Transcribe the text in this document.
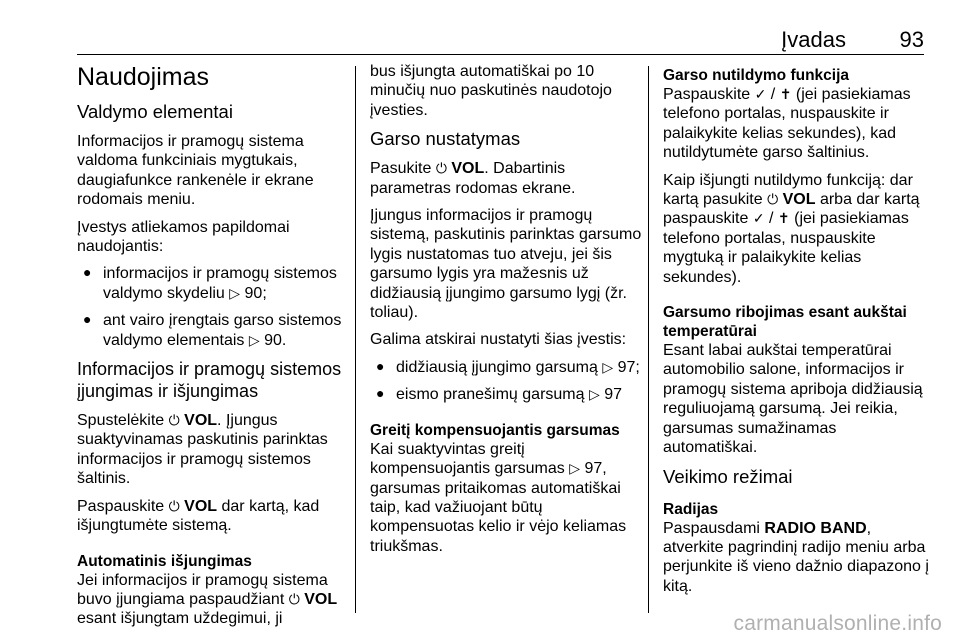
Įvadas 93
Naudojimas
Valdymo elementai

Informacijos ir pramogų sistema valdoma funkciniais mygtukais, daugiafunkce rankenėle ir ekrane rodomais meniu.

Įvestys atliekamos papildomai naudojantis:

● informacijos ir pramogų sistemos valdymo skydeliu ▷ 90;
● ant vairo įrengtais garso sistemos valdymo elementais ▷ 90.
Informacijos ir pramogų sistemos įjungimas ir išjungimas

Spustelėkite ⏻ VOL. Įjungus suaktyvinamas paskutinis parinktas informacijos ir pramogų sistemos šaltinis.

Paspauskite ⏻ VOL dar kartą, kad išjungtumėte sistemą.

Automatinis išjungimas

Jei informacijos ir pramogų sistema buvo įjungiama paspaudžiant ⏻ VOL esant išjungtam uždegimui, ji

bus išjungta automatiškai po 10 minučių nuo paskutinės naudotojo įvesties.

Garso nustatymas

Pasukite ⏻ VOL. Dabartinis parametras rodomas ekrane.

Įjungus informacijos ir pramogų sistemą, paskutinis parinktas garsumo lygis nustatomas tuo atveju, jei šis garsumo lygis yra mažesnis už didžiausią įjungimo garsumo lygį (žr. toliau).

Galima atskirai nustatyti šias įvestis:

● didžiausią įjungimo garsumą ▷ 97;
● eismo pranešimų garsumą ▷ 97
Greitį kompensuojantis garsumas

Kai suaktyvintas greitį kompensuojantis garsumas ▷ 97, garsumas pritaikomas automatiškai taip, kad važiuojant būtų kompensuotas kelio ir vėjo keliamas triukšmas.

Garso nutildymo funkcija

Paspauskite ✓ / ✝ (jei pasiekiamas telefono portalas, nuspauskite ir palaikykite kelias sekundes), kad nutildytumėte garso šaltinius.

Kaip išjungti nutildymo funkciją: dar kartą pasukite ⏻ VOL arba dar kartą paspauskite ✓ / ✝ (jei pasiekiamas telefono portalas, nuspauskite mygtuką ir palaikykite kelias sekundes).

Garsumo ribojimas esant aukštai temperatūrai

Esant labai aukštai temperatūrai automobilio salone, informacijos ir pramogų sistema apriboja didžiausią reguliuojamą garsumą. Jei reikia, garsumas sumažinamas automatiškai.

Veikimo režimai
Radijas

Paspausdami RADIO BAND, atverkite pagrindinį radijo meniu arba perjunkite iš vieno dažnio diapazono į kitą.

carmanualsonline.info
